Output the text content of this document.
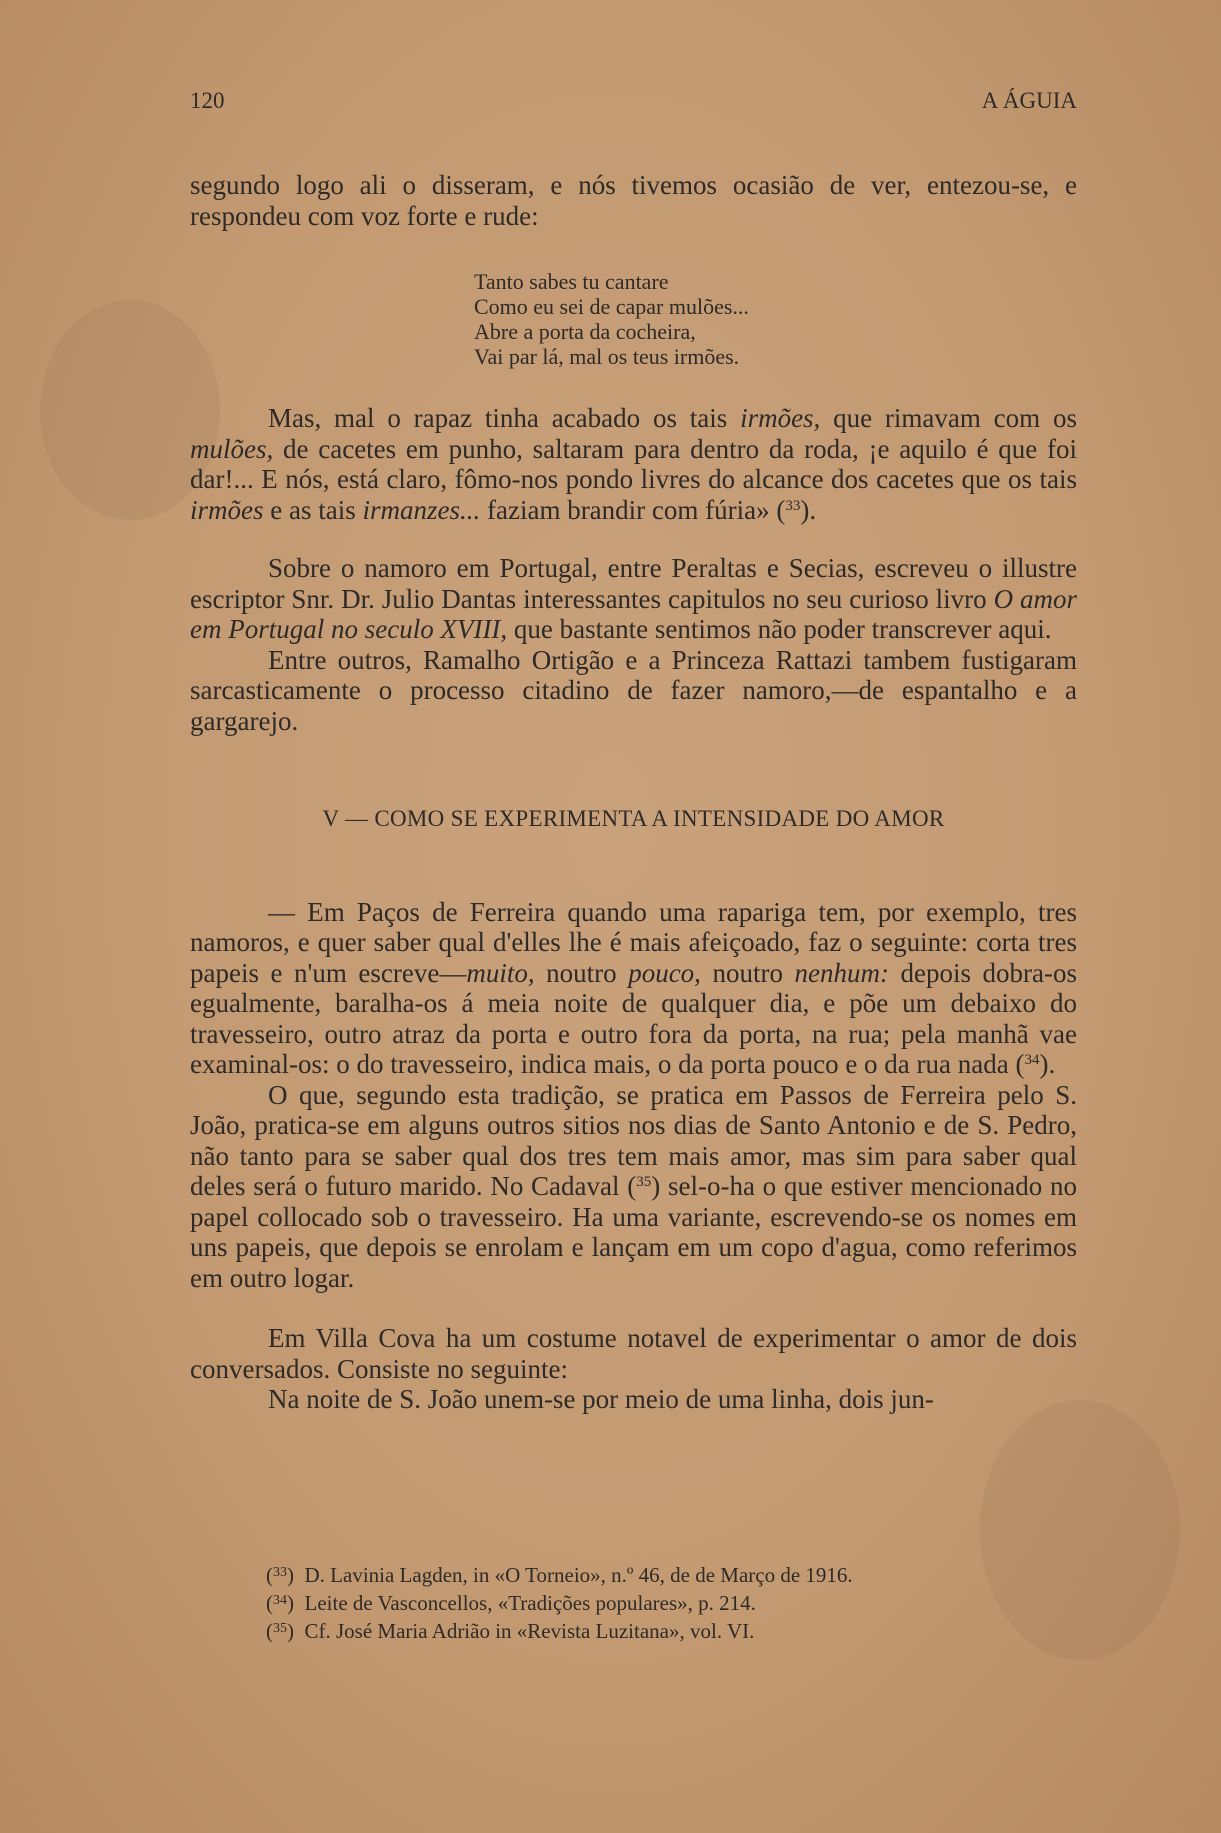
120	A ÁGUIA

segundo logo ali o disseram, e nós tivemos ocasião de ver, entezou-se, e respondeu com voz forte e rude:

Tanto sabes tu cantare
Como eu sei de capar mulões...
Abre a porta da cocheira,
Vai par lá, mal os teus irmões.

Mas, mal o rapaz tinha acabado os tais irmões, que rimavam com os mulões, de cacetes em punho, saltaram para dentro da roda, ¡e aquilo é que foi dar!... E nós, está claro, fômo-nos pondo livres do alcance dos cacetes que os tais irmões e as tais irmanzes... faziam brandir com fúria» ($^{33}$).

Sobre o namoro em Portugal, entre Peraltas e Secias, escreveu o illustre escriptor Snr. Dr. Julio Dantas interessantes capitulos no seu curioso livro O amor em Portugal no seculo XVIII, que bastante sentimos não poder transcrever aqui.

Entre outros, Ramalho Ortigão e a Princeza Rattazi tambem fustigaram sarcasticamente o processo citadino de fazer namoro,—de espantalho e a gargarejo.

V — COMO SE EXPERIMENTA A INTENSIDADE DO AMOR

— Em Paços de Ferreira quando uma rapariga tem, por exemplo, tres namoros, e quer saber qual d'elles lhe é mais afeiçoado, faz o seguinte: corta tres papeis e n'um escreve—muito, noutro pouco, noutro nenhum: depois dobra-os egualmente, baralha-os á meia noite de qualquer dia, e põe um debaixo do travesseiro, outro atraz da porta e outro fora da porta, na rua; pela manhã vae examinal-os: o do travesseiro, indica mais, o da porta pouco e o da rua nada ($^{34}$).

O que, segundo esta tradição, se pratica em Passos de Ferreira pelo S. João, pratica-se em alguns outros sitios nos dias de Santo Antonio e de S. Pedro, não tanto para se saber qual dos tres tem mais amor, mas sim para saber qual deles será o futuro marido. No Cadaval ($^{35}$) sel-o-ha o que estiver mencionado no papel collocado sob o travesseiro. Ha uma variante, escrevendo-se os nomes em uns papeis, que depois se enrolam e lançam em um copo d'agua, como referimos em outro logar.

Em Villa Cova ha um costume notavel de experimentar o amor de dois conversados. Consiste no seguinte:

Na noite de S. João unem-se por meio de uma linha, dois jun-

($^{33}$) D. Lavinia Lagden, in «O Torneio», n.º 46, de de Março de 1916.
($^{34}$) Leite de Vasconcellos, «Tradições populares», p. 214.
($^{35}$) Cf. José Maria Adrião in «Revista Luzitana», vol. VI.
